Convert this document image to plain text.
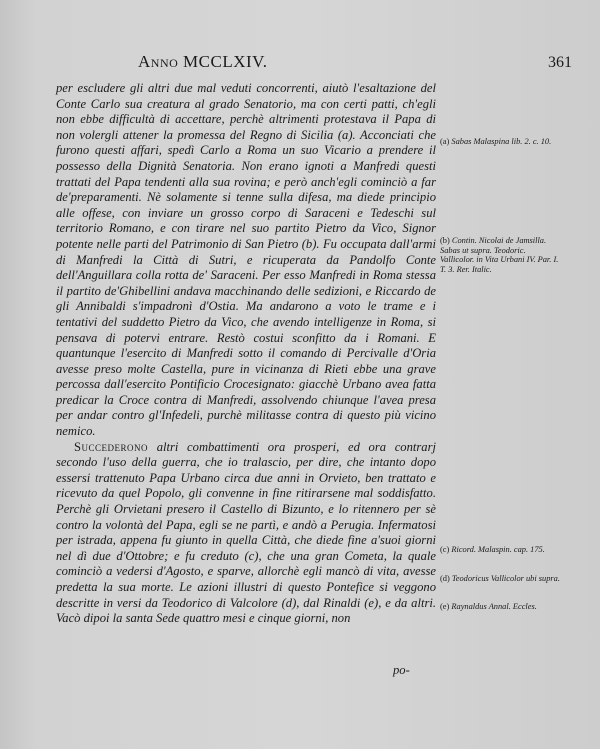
Anno MCCLXIV.	361

per escludere gli altri due mal veduti concorrenti, aiutò l'esaltazione del Conte Carlo sua creatura al grado Senatorio, ma con certi patti, ch'egli non ebbe difficultà di accettare, perchè altrimenti protestava il Papa di non volergli attener la promessa del Regno di Sicilia (a). Acconciati che furono questi affari, spedì Carlo a Roma un suo Vicario a prendere il possesso della Dignità Senatoria. Non erano ignoti a Manfredi questi trattati del Papa tendenti alla sua rovina; e però anch'egli cominciò a far de'preparamenti. Nè solamente si tenne sulla difesa, ma diede principio alle offese, con inviare un grosso corpo di Saraceni e Tedeschi sul territorio Romano, e con tirare nel suo partito Pietro da Vico, Signor potente nelle parti del Patrimonio di San Pietro (b). Fu occupata dall'armi di Manfredi la Città di Sutri, e ricuperata da Pandolfo Conte dell'Anguillara colla rotta de' Saraceni. Per esso Manfredi in Roma stessa il partito de'Ghibellini andava macchinando delle sedizioni, e Riccardo de gli Annibaldi s'impadronì d'Ostia. Ma andarono a voto le trame e i tentativi del suddetto Pietro da Vico, che avendo intelligenze in Roma, si pensava di potervi entrare. Restò costui sconfitto da i Romani. E quantunque l'esercito di Manfredi sotto il comando di Percivalle d'Oria avesse preso molte Castella, pure in vicinanza di Rieti ebbe una grave percossa dall'esercito Pontificio Crocesignato: giacchè Urbano avea fatta predicar la Croce contra di Manfredi, assolvendo chiunque l'avea presa per andar contro gl'Infedeli, purchè militasse contra di questo più vicino nemico.

Succederono altri combattimenti ora prosperi, ed ora contrarj secondo l'uso della guerra, che io tralascio, per dire, che intanto dopo essersi trattenuto Papa Urbano circa due anni in Orvieto, ben trattato e ricevuto da quel Popolo, gli convenne in fine ritirarsene mal soddisfatto. Perchè gli Orvietani presero il Castello di Bizunto, e lo ritennero per sè contro la volontà del Papa, egli se ne partì, e andò a Perugia. Infermatosi per istrada, appena fu giunto in quella Città, che diede fine a'suoi giorni nel dì due d'Ottobre; e fu creduto (c), che una gran Cometa, la quale cominciò a vedersi d'Agosto, e sparve, allorchè egli mancò di vita, avesse predetta la sua morte. Le azioni illustri di questo Pontefice si veggono descritte in versi da Teodorico di Valcolore (d), dal Rinaldi (e), e da altri. Vacò dipoi la santa Sede quattro mesi e cinque giorni, non

(a) Sabas Malaspina lib. 2. c. 10.
(b) Contin. Nicolai de Jamsilla. Sabas ut supra. Teodoric. Vallicolor. in Vita Urbani IV. Par. I. T. 3. Rer. Italic.
(c) Ricord. Malaspin. cap. 175.
(d) Teodoricus Vallicolor ubi supra.
(e) Raynaldus Annal. Eccles.
po-
